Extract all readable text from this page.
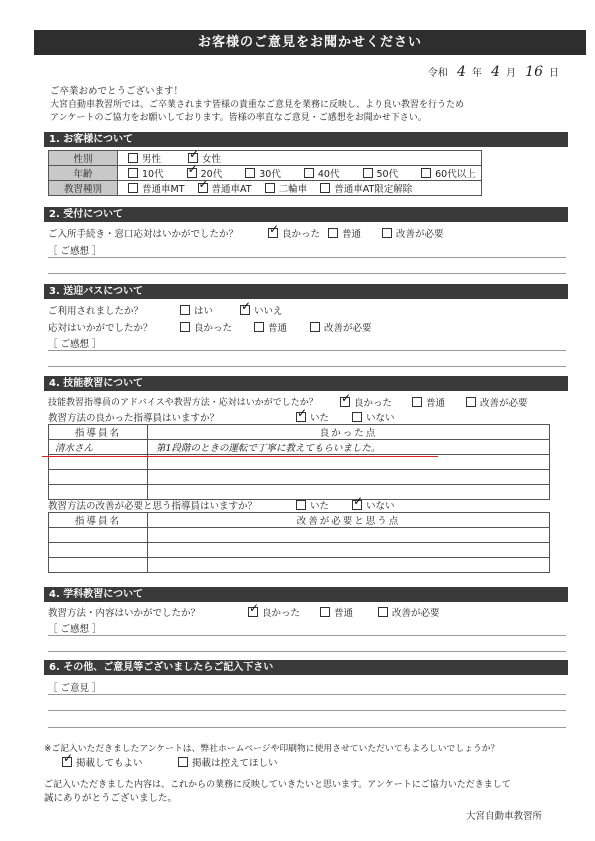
お客様のご意見をお聞かせください
令和 4 年 4 月 16 日
ご卒業おめでとうございます！
大宮自動車教習所では、ご卒業されます皆様の貴重なご意見を業務に反映し、より良い教習を行うため
アンケートのご協力をお願いしております。皆様の率直なご意見・ご感想をお聞かせ下さい。
1. お客様について
性別	男性 ✓ 女性
年齢	10代 ✓ 20代 30代 40代 50代 60代以上
教習種別	普通車MT ✓ 普通車AT 二輪車 普通車AT限定解除
2. 受付について
ご入所手続き・窓口応対はいかがでしたか？ ✓	良かった	普通	改善が必要
［ ご感想 ］
3. 送迎バスについて
ご利用されましたか？	はい ✓	いいえ
応対はいかがでしたか？	良かった	普通	改善が必要
［ ご感想 ］
4. 技能教習について
技能教習指導員のアドバイスや教習方法・応対はいかがでしたか？ ✓	良かった	普通	改善が必要
教習方法の良かった指導員はいますか？ ✓	いた	いない
指導員名	良かった点
清水さん	第1段階のときの運転で丁寧に教えてもらいました。

教習方法の改善が必要と思う指導員はいますか？	いた ✓	いない
指導員名	改善が必要と思う点

4. 学科教習について
教習方法・内容はいかがでしたか？ ✓	良かった	普通	改善が必要
［ ご感想 ］
6. その他、ご意見等ございましたらご記入下さい
［ ご意見 ］
※ご記入いただきましたアンケートは、弊社ホームページや印刷物に使用させていただいてもよろしいでしょうか？
✓掲載してもよい	掲載は控えてほしい
ご記入いただきました内容は、これからの業務に反映していきたいと思います。アンケートにご協力いただきまして
誠にありがとうございました。
大宮自動車教習所
